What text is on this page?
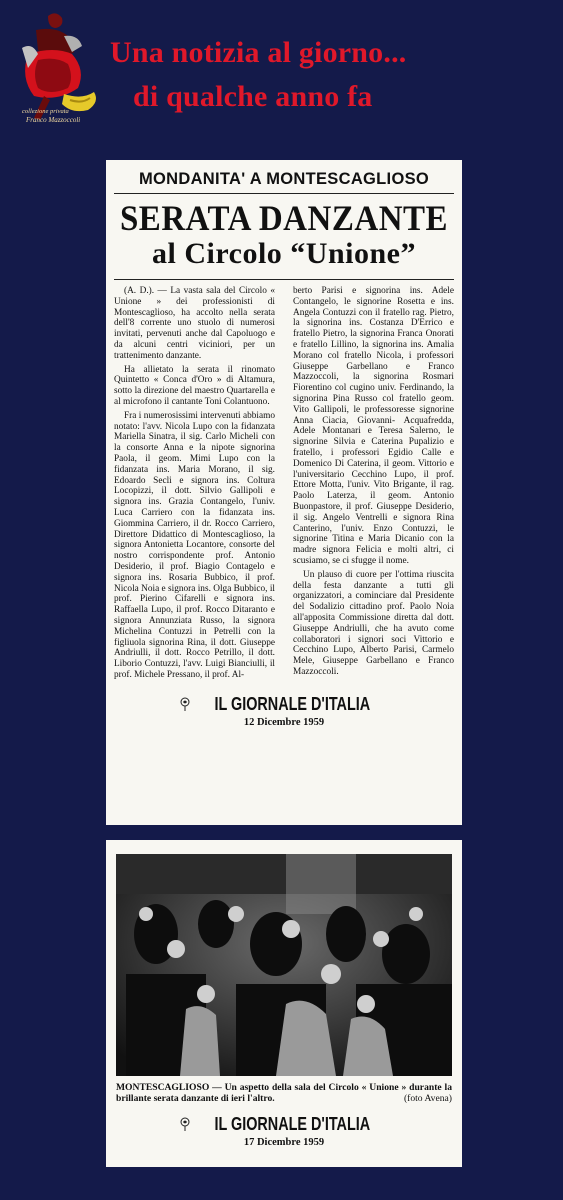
collezione privata
Franco Mazzoccoli
Una notizia al giorno...
di qualche anno fa
MONDANITA' A MONTESCAGLIOSO
SERATA DANZANTE
al Circolo “Unione”

(A. D.). — La vasta sala del Circolo « Unione » dei professionisti di Montescaglioso, ha accolto nella serata dell'8 corrente uno stuolo di numerosi invitati, pervenuti anche dal Capoluogo e da alcuni centri viciniori, per un trattenimento danzante.

Ha allietato la serata il rinomato Quintetto « Conca d'Oro » di Altamura, sotto la direzione del maestro Quartarella e al microfono il cantante Toni Colantuono.

Fra i numerosissimi intervenuti abbiamo notato: l'avv. Nicola Lupo con la fidanzata Mariella Sinatra, il sig. Carlo Micheli con la consorte Anna e la nipote signorina Paola, il geom. Mimi Lupo con la fidanzata ins. Maria Morano, il sig. Edoardo Secli e signora ins. Coltura Locopizzi, il dott. Silvio Gallipoli e signora ins. Grazia Contangelo, l'univ. Luca Carriero con la fidanzata ins. Giommina Carriero, il dr. Rocco Carriero, Direttore Didattico di Montescaglioso, la signora Antonietta Locantore, consorte del nostro corrispondente prof. Antonio Desiderio, il prof. Biagio Contagelo e signora ins. Rosaria Bubbico, il prof. Nicola Noia e signora ins. Olga Bubbico, il prof. Pierino Cifarelli e signora ins. Raffaella Lupo, il prof. Rocco Ditaranto e signora Annunziata Russo, la signora Michelina Contuzzi in Petrelli con la figliuola signorina Rina, il dott. Giuseppe Andriulli, il dott. Rocco Petrillo, il dott. Liborio Contuzzi, l'avv. Luigi Bianciulli, il prof. Michele Pressano, il prof. Al-

berto Parisi e signorina ins. Adele Contangelo, le signorine Rosetta e ins. Angela Contuzzi con il fratello rag. Pietro, la signorina ins. Costanza D'Errico e fratello Pietro, la signorina Franca Onorati e fratello Lillino, la signorina ins. Amalia Morano col fratello Nicola, i professori Giuseppe Garbellano e Franco Mazzoccoli, la signorina Rosmari Fiorentino col cugino univ. Ferdinando, la signorina Pina Russo col fratello geom. Vito Gallipoli, le professoresse signorine Anna Ciacia, Giovanni- Acquafredda, Adele Montanari e Teresa Salerno, le signorine Silvia e Caterina Pupalizio e fratello, i professori Egidio Calle e Domenico Di Caterina, il geom. Vittorio e l'universitario Cecchino Lupo, il prof. Ettore Motta, l'univ. Vito Brigante, il rag. Paolo Laterza, il geom. Antonio Buonpastore, il prof. Giuseppe Desiderio, il sig. Angelo Ventrelli e signora Rina Canterino, l'univ. Enzo Contuzzi, le signorine Titina e Maria Dicanio con la madre signora Felicia e molti altri, ci scusiamo, se ci sfugge il nome.

Un plauso di cuore per l'ottima riuscita della festa danzante a tutti gli organizzatori, a cominciare dal Presidente del Sodalizio cittadino prof. Paolo Noia all'apposita Commissione diretta dal dott. Giuseppe Andriulli, che ha avuto come collaboratori i signori soci Vittorio e Cecchino Lupo, Alberto Parisi, Carmelo Mele, Giuseppe Garbellano e Franco Mazzoccoli.

IL GIORNALE D'ITALIA
12 Dicembre 1959
MONTESCAGLIOSO — Un aspetto della sala del Circolo « Unione » durante la brillante serata danzante di ieri l'altro.	(foto Avena)
IL GIORNALE D'ITALIA
17 Dicembre 1959
